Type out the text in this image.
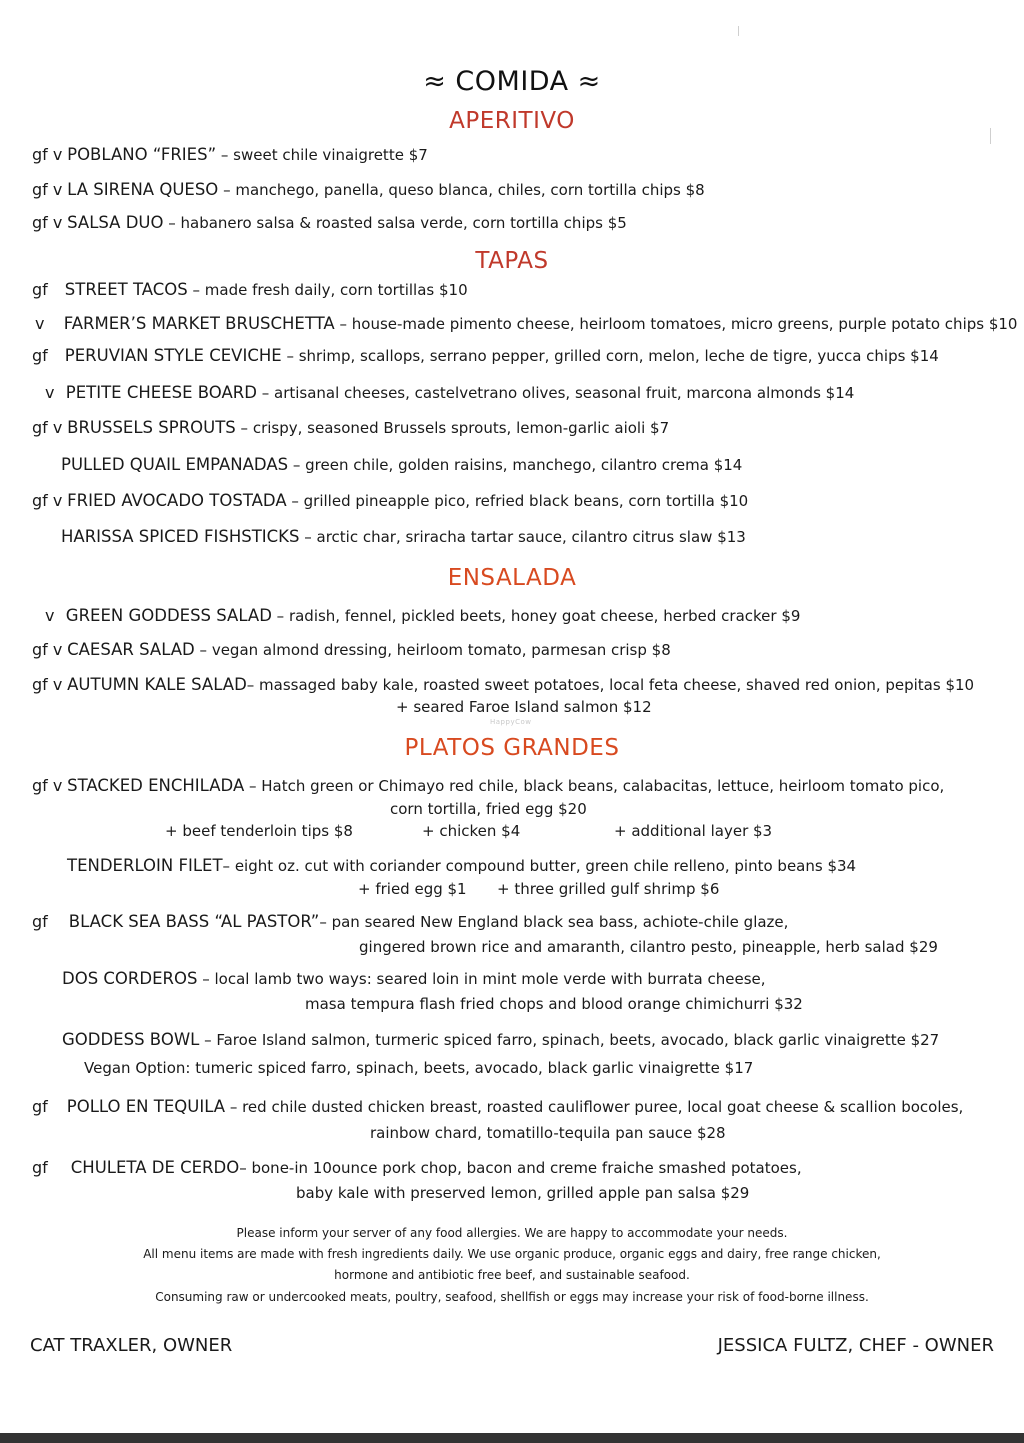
≈ COMIDA ≈
APERITIVO
gf v POBLANO “FRIES” – sweet chile vinaigrette $7
gf v LA SIRENA QUESO – manchego, panella, queso blanca, chiles, corn tortilla chips $8
gf v SALSA DUO – habanero salsa & roasted salsa verde, corn tortilla chips $5
TAPAS
gf STREET TACOS – made fresh daily, corn tortillas $10
v FARMER’S MARKET BRUSCHETTA – house-made pimento cheese, heirloom tomatoes, micro greens, purple potato chips $10
gf PERUVIAN STYLE CEVICHE – shrimp, scallops, serrano pepper, grilled corn, melon, leche de tigre, yucca chips $14
v PETITE CHEESE BOARD – artisanal cheeses, castelvetrano olives, seasonal fruit, marcona almonds $14
gf v BRUSSELS SPROUTS – crispy, seasoned Brussels sprouts, lemon-garlic aioli $7
PULLED QUAIL EMPANADAS – green chile, golden raisins, manchego, cilantro crema $14
gf v FRIED AVOCADO TOSTADA – grilled pineapple pico, refried black beans, corn tortilla $10
HARISSA SPICED FISHSTICKS – arctic char, sriracha tartar sauce, cilantro citrus slaw $13
ENSALADA
v GREEN GODDESS SALAD – radish, fennel, pickled beets, honey goat cheese, herbed cracker $9
gf v CAESAR SALAD – vegan almond dressing, heirloom tomato, parmesan crisp $8
gf v AUTUMN KALE SALAD– massaged baby kale, roasted sweet potatoes, local feta cheese, shaved red onion, pepitas $10
+ seared Faroe Island salmon $12
HappyCow
PLATOS GRANDES
gf v STACKED ENCHILADA – Hatch green or Chimayo red chile, black beans, calabacitas, lettuce, heirloom tomato pico,
corn tortilla, fried egg $20
+ beef tenderloin tips $8	+ chicken $4	+ additional layer $3
TENDERLOIN FILET– eight oz. cut with coriander compound butter, green chile relleno, pinto beans $34
+ fried egg $1 + three grilled gulf shrimp $6
gf BLACK SEA BASS “AL PASTOR”– pan seared New England black sea bass, achiote-chile glaze,
gingered brown rice and amaranth, cilantro pesto, pineapple, herb salad $29
DOS CORDEROS – local lamb two ways: seared loin in mint mole verde with burrata cheese,
masa tempura flash fried chops and blood orange chimichurri $32
GODDESS BOWL – Faroe Island salmon, turmeric spiced farro, spinach, beets, avocado, black garlic vinaigrette $27
Vegan Option: tumeric spiced farro, spinach, beets, avocado, black garlic vinaigrette $17
gf POLLO EN TEQUILA – red chile dusted chicken breast, roasted cauliflower puree, local goat cheese & scallion bocoles,
rainbow chard, tomatillo-tequila pan sauce $28
gf CHULETA DE CERDO– bone-in 10ounce pork chop, bacon and creme fraiche smashed potatoes,
baby kale with preserved lemon, grilled apple pan salsa $29
Please inform your server of any food allergies. We are happy to accommodate your needs.
All menu items are made with fresh ingredients daily. We use organic produce, organic eggs and dairy, free range chicken,
hormone and antibiotic free beef, and sustainable seafood.
Consuming raw or undercooked meats, poultry, seafood, shellfish or eggs may increase your risk of food-borne illness.
CAT TRAXLER, OWNER	JESSICA FULTZ, CHEF - OWNER
